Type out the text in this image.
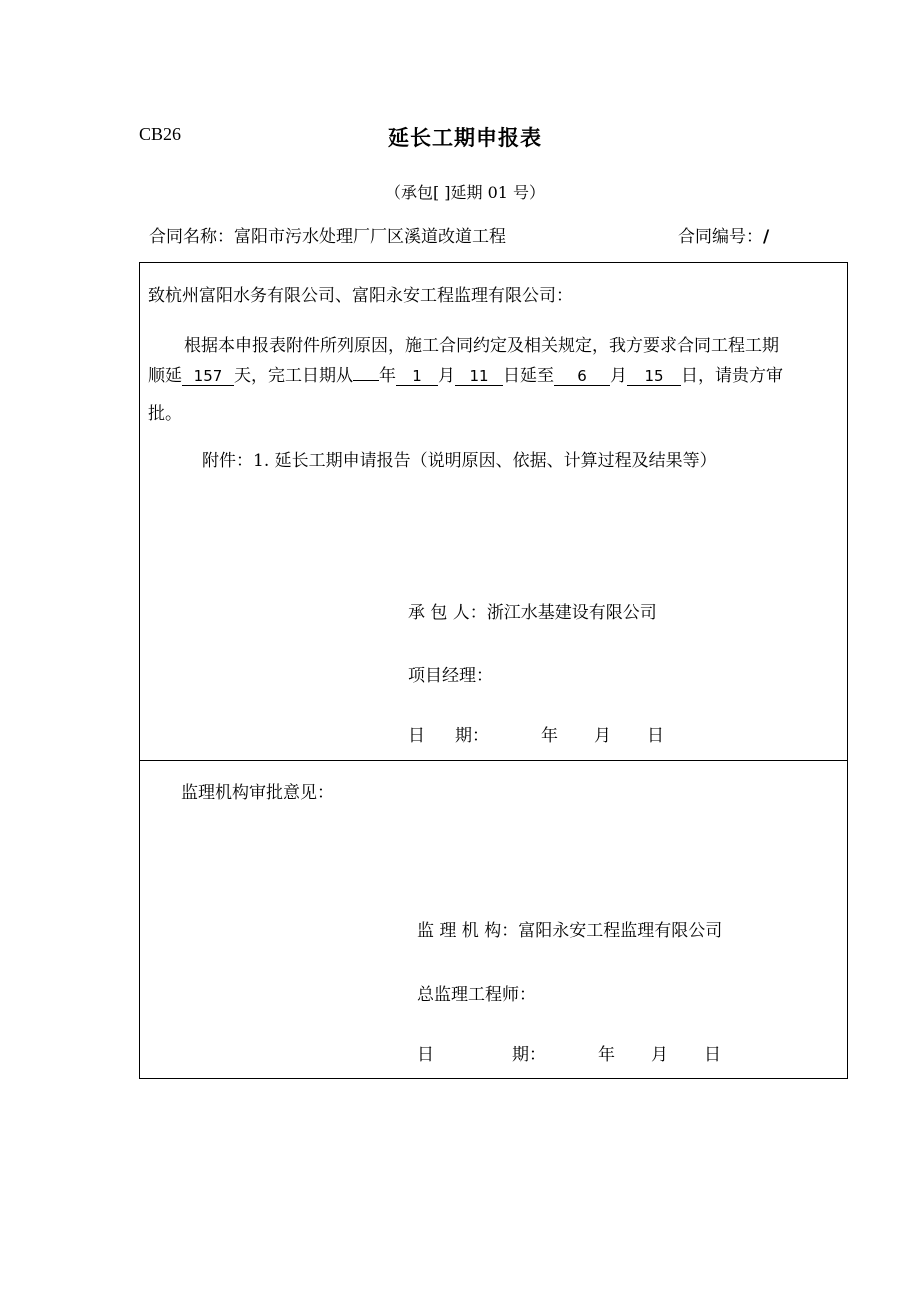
CB26	延长工期申报表
（承包[ ]延期 01 号）
合同名称：富阳市污水处理厂厂区溪道改道工程	合同编号：/
致杭州富阳水务有限公司、富阳永安工程监理有限公司：
根据本申报表附件所列原因，施工合同约定及相关规定，我方要求合同工程工期
顺延 157 天，完工日期从 年 1 月 11 日延至 6 月 15 日，请贵方审
批。
附件：1. 延长工期申请报告（说明原因、依据、计算过程及结果等）
承 包 人：浙江水基建设有限公司
项目经理：
日 期：	年 月 日
监理机构审批意见：
监 理 机 构：富阳永安工程监理有限公司
总监理工程师：
日	期：	年 月 日
